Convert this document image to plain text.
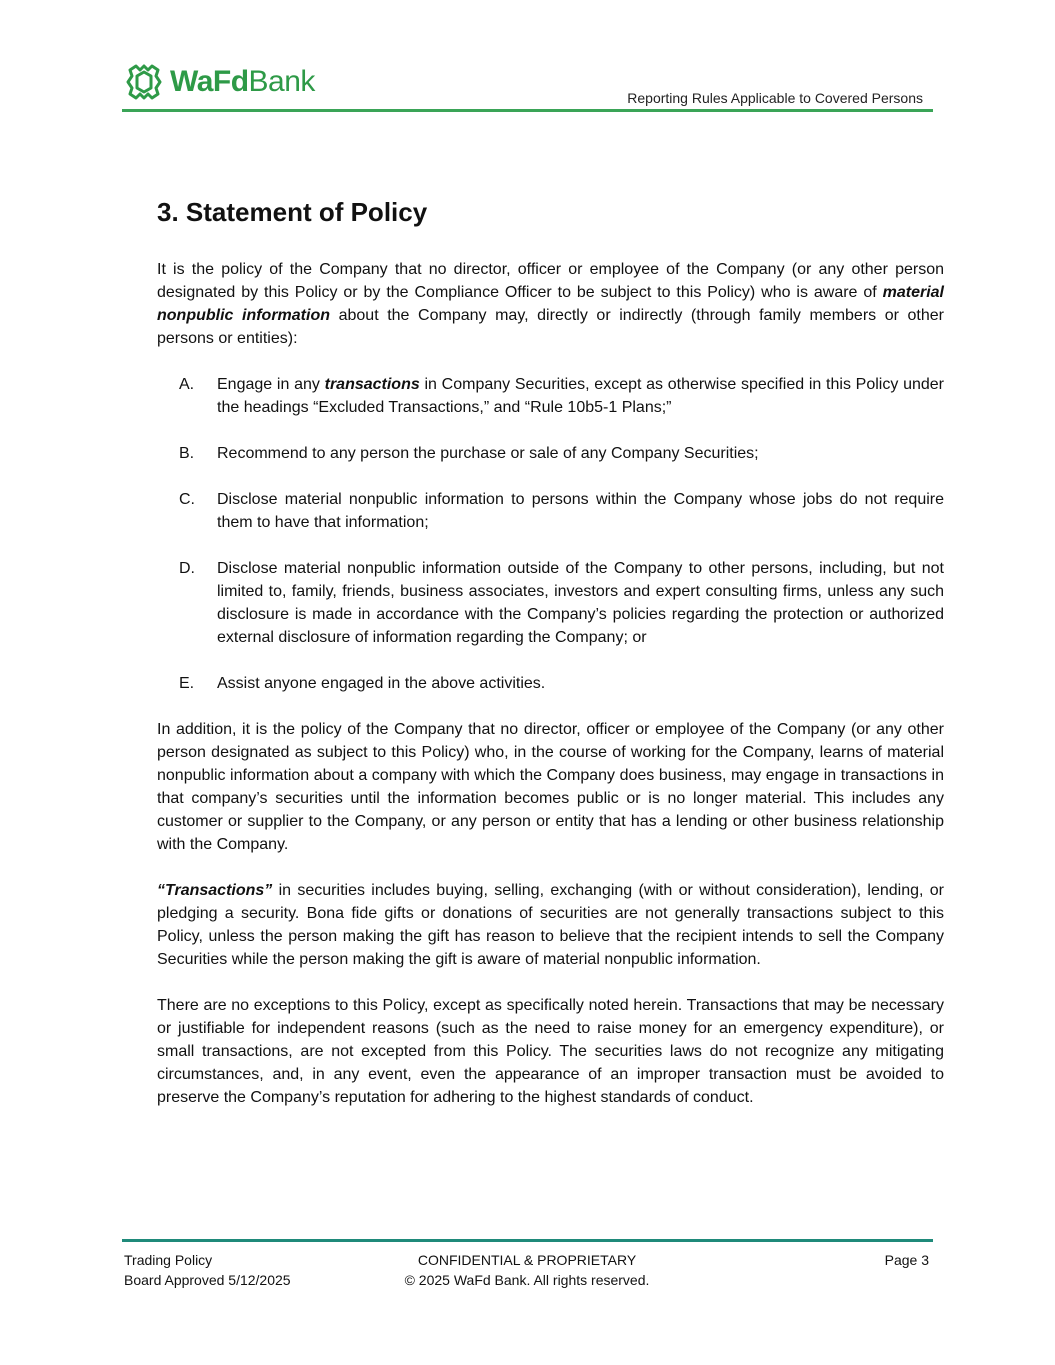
WaFdBank	Reporting Rules Applicable to Covered Persons
3. Statement of Policy

It is the policy of the Company that no director, officer or employee of the Company (or any other person designated by this Policy or by the Compliance Officer to be subject to this Policy) who is aware of material nonpublic information about the Company may, directly or indirectly (through family members or other persons or entities):

A.	Engage in any transactions in Company Securities, except as otherwise specified in this Policy under the headings “Excluded Transactions,” and “Rule 10b5-1 Plans;”
B.	Recommend to any person the purchase or sale of any Company Securities;
C.	Disclose material nonpublic information to persons within the Company whose jobs do not require them to have that information;
D.	Disclose material nonpublic information outside of the Company to other persons, including, but not limited to, family, friends, business associates, investors and expert consulting firms, unless any such disclosure is made in accordance with the Company’s policies regarding the protection or authorized external disclosure of information regarding the Company; or
E.	Assist anyone engaged in the above activities.

In addition, it is the policy of the Company that no director, officer or employee of the Company (or any other person designated as subject to this Policy) who, in the course of working for the Company, learns of material nonpublic information about a company with which the Company does business, may engage in transactions in that company’s securities until the information becomes public or is no longer material. This includes any customer or supplier to the Company, or any person or entity that has a lending or other business relationship with the Company.

“Transactions” in securities includes buying, selling, exchanging (with or without consideration), lending, or pledging a security. Bona fide gifts or donations of securities are not generally transactions subject to this Policy, unless the person making the gift has reason to believe that the recipient intends to sell the Company Securities while the person making the gift is aware of material nonpublic information.

There are no exceptions to this Policy, except as specifically noted herein. Transactions that may be necessary or justifiable for independent reasons (such as the need to raise money for an emergency expenditure), or small transactions, are not excepted from this Policy. The securities laws do not recognize any mitigating circumstances, and, in any event, even the appearance of an improper transaction must be avoided to preserve the Company’s reputation for adhering to the highest standards of conduct.

Trading Policy
Board Approved 5/12/2025
CONFIDENTIAL & PROPRIETARY
© 2025 WaFd Bank. All rights reserved.
Page 3
